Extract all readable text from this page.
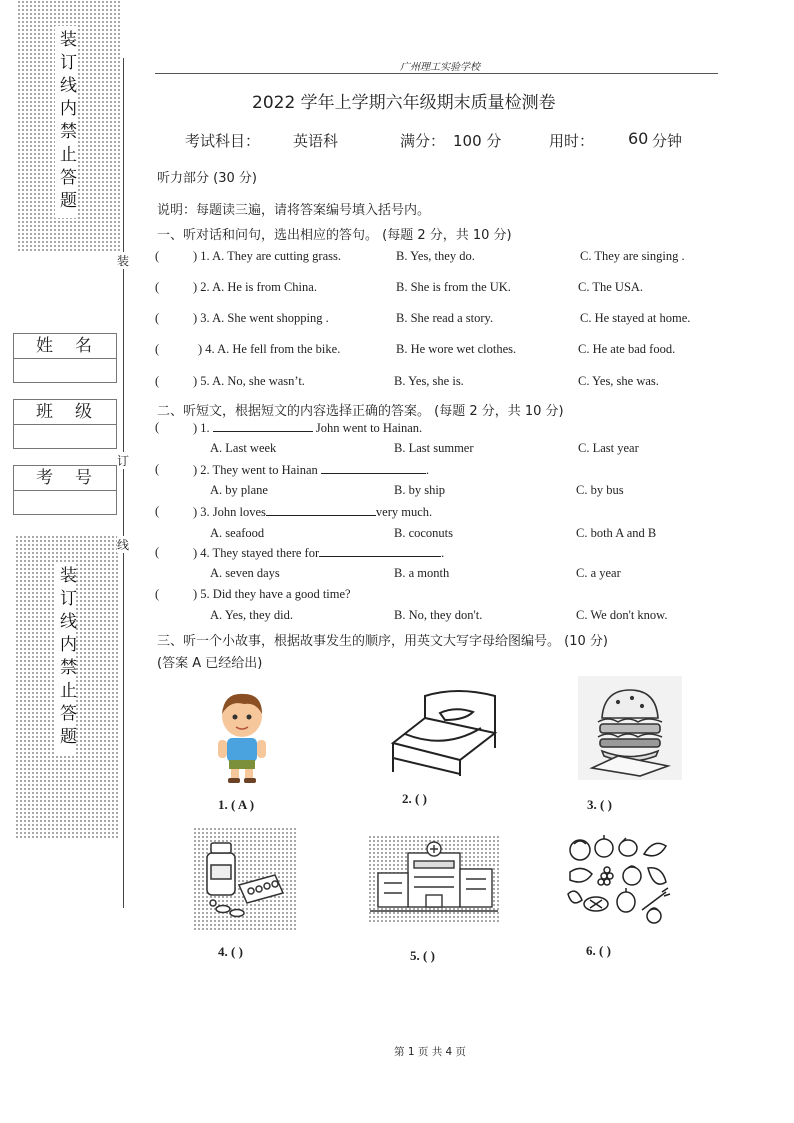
装订线内禁止答题
装订线内禁止答题
装
订
线
姓名
班级
考号
广州理工实验学校
2022 学年上学期六年级期末质量检测卷
考试科目： 英语科	满分： 100 分	用时： 60 分钟
听力部分 (30 分)
说明：每题读三遍，请将答案编号填入括号内。
一、听对话和问句，选出相应的答句。 (每题 2 分，共 10 分)
(	) 1. A. They are cutting grass.	B. Yes, they do.	C. They are singing .
(	) 2. A. He is from China.	B. She is from the UK.	C. The USA.
(	) 3. A. She went shopping .	B. She read a story.	C. He stayed at home.
(	) 4. A. He fell from the bike.	B. He wore wet clothes.	C. He ate bad food.
(	) 5. A. No, she wasn’t.	B. Yes, she is.	C. Yes, she was.
二、听短文，根据短文的内容选择正确的答案。 (每题 2 分，共 10 分)
(	) 1.	John went to Hainan.
A. Last week	B. Last summer	C. Last year
(	) 2. They went to Hainan	.
A. by plane	B. by ship	C. by bus
(	) 3. John loves	very much.
A. seafood	B. coconuts	C. both A and B
(	) 4. They stayed there for	.
A. seven days	B. a month	C. a year
(	) 5. Did they have a good time?
A. Yes, they did.	B. No, they don't.	C. We don't know.
三、听一个小故事，根据故事发生的顺序，用英文大写字母给图编号。 (10 分)
(答案 A 已经给出)
1. ( A )	2. ( )	3. ( )
4. ( )	5. ( )	6. ( )
第 1 页 共 4 页
